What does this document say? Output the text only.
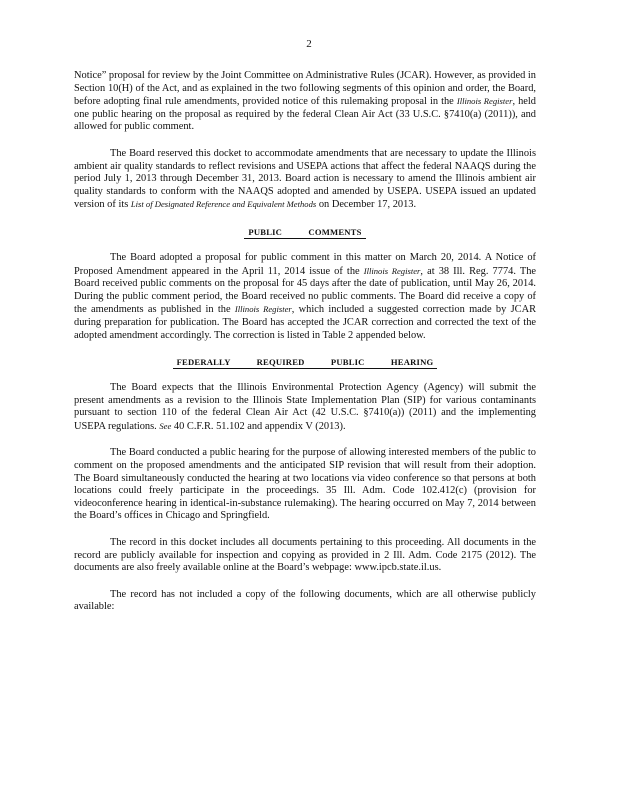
2

Notice” proposal for review by the Joint Committee on Administrative Rules (JCAR). However, as provided in Section 10(H) of the Act, and as explained in the two following segments of this opinion and order, the Board, before adopting final rule amendments, provided notice of this rulemaking proposal in the Illinois Register, held one public hearing on the proposal as required by the federal Clean Air Act (33 U.S.C. §7410(a) (2011)), and allowed for public comment.

The Board reserved this docket to accommodate amendments that are necessary to update the Illinois ambient air quality standards to reflect revisions and USEPA actions that affect the federal NAAQS during the period July 1, 2013 through December 31, 2013. Board action is necessary to amend the Illinois ambient air quality standards to conform with the NAAQS adopted and amended by USEPA. USEPA issued an updated version of its List of Designated Reference and Equivalent Methods on December 17, 2013.

PUBLIC COMMENTS

The Board adopted a proposal for public comment in this matter on March 20, 2014. A Notice of Proposed Amendment appeared in the April 11, 2014 issue of the Illinois Register, at 38 Ill. Reg. 7774. The Board received public comments on the proposal for 45 days after the date of publication, until May 26, 2014. During the public comment period, the Board received no public comments. The Board did receive a copy of the amendments as published in the Illinois Register, which included a suggested correction made by JCAR during preparation for publication. The Board has accepted the JCAR correction and corrected the text of the adopted amendment accordingly. The correction is listed in Table 2 appended below.

FEDERALLY REQUIRED PUBLIC HEARING

The Board expects that the Illinois Environmental Protection Agency (Agency) will submit the present amendments as a revision to the Illinois State Implementation Plan (SIP) for various contaminants pursuant to section 110 of the federal Clean Air Act (42 U.S.C. §7410(a)) (2011) and the implementing USEPA regulations. See 40 C.F.R. 51.102 and appendix V (2013).

The Board conducted a public hearing for the purpose of allowing interested members of the public to comment on the proposed amendments and the anticipated SIP revision that will result from their adoption. The Board simultaneously conducted the hearing at two locations via video conference so that persons at both locations could freely participate in the proceedings. 35 Ill. Adm. Code 102.412(c) (provision for videoconference hearing in identical-in-substance rulemaking). The hearing occurred on May 7, 2014 between the Board’s offices in Chicago and Springfield.

The record in this docket includes all documents pertaining to this proceeding. All documents in the record are publicly available for inspection and copying as provided in 2 Ill. Adm. Code 2175 (2012). The documents are also freely available online at the Board’s webpage: www.ipcb.state.il.us.

The record has not included a copy of the following documents, which are all otherwise publicly available:
